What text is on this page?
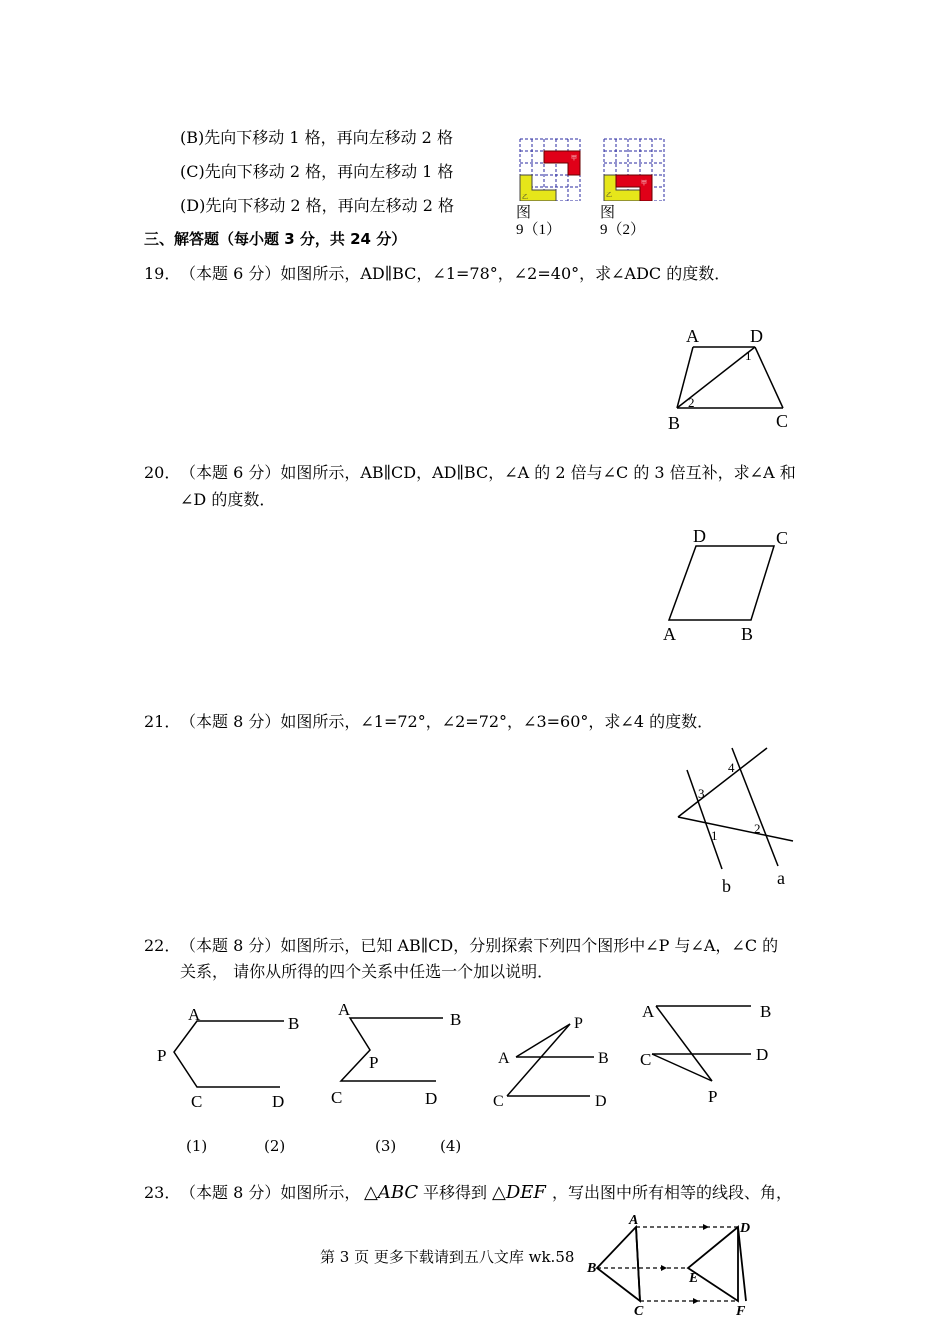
(B)先向下移动 1 格，再向左移动 2 格
(C)先向下移动 2 格，再向左移动 1 格
(D)先向下移动 2 格，再向左移动 2 格
甲
乙
图
9（1）
乙
甲
图
9（2）
三、解答题（每小题 3 分，共 24 分）
19． （本题 6 分）如图所示，AD∥BC，∠1=78°，∠2=40°，求∠ADC 的度数．
A	D
B	C
1
2
20． （本题 6 分）如图所示，AB∥CD，AD∥BC，∠A 的 2 倍与∠C 的 3 倍互补，求∠A 和
∠D 的度数．
D	C
A	B
21． （本题 8 分）如图所示，∠1=72°，∠2=72°，∠3=60°，求∠4 的度数．
3
4
1	2
b	a
22． （本题 8 分）如图所示，已知 AB∥CD，分别探索下列四个图形中∠P 与∠A，∠C 的
关系， 请你从所得的四个关系中任选一个加以说明．
A	B
P
C	D
A
B
P
C	D
A	B
P
C	D
A	B
C	D
P
(1)	(2)	(3)	(4)
23． （本题 8 分）如图所示， △ABC 平移得到 △DEF ，写出图中所有相等的线段、角，
A
D
B
E
C	F
第 3 页 更多下载请到五八文库 wk.58
